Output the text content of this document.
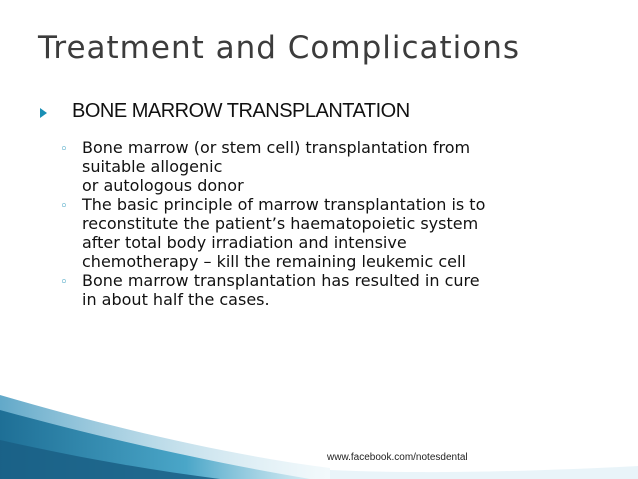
Treatment and Complications
BONE MARROW TRANSPLANTATION
◦ Bone marrow (or stem cell) transplantation from
suitable allogenic
or autologous donor
◦ The basic principle of marrow transplantation is to
reconstitute the patient’s haematopoietic system
after total body irradiation and intensive
chemotherapy – kill the remaining leukemic cell
◦ Bone marrow transplantation has resulted in cure
in about half the cases.
www.facebook.com/notesdental
